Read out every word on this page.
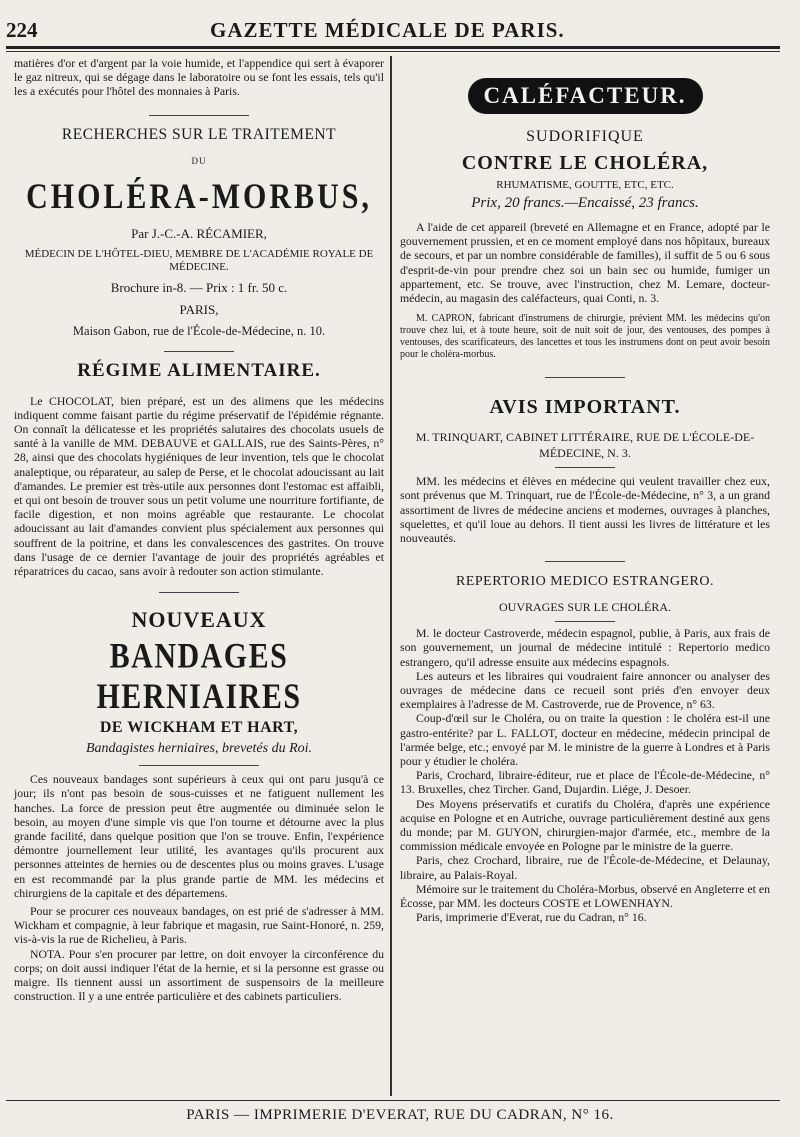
224	GAZETTE MÉDICALE DE PARIS.

matières d'or et d'argent par la voie humide, et l'appendice qui sert à évaporer le gaz nitreux, qui se dégage dans le laboratoire ou se font les essais, tels qu'il les a exécutés pour l'hôtel des monnaies à Paris.

RECHERCHES SUR LE TRAITEMENT

DU

CHOLÉRA-MORBUS,

Par J.-C.-A. RÉCAMIER,

MÉDECIN DE L'HÔTEL-DIEU, MEMBRE DE L'ACADÉMIE ROYALE DE MÉDECINE.

Brochure in-8. — Prix : 1 fr. 50 c.

PARIS,

Maison Gabon, rue de l'École-de-Médecine, n. 10.

RÉGIME ALIMENTAIRE.

Le CHOCOLAT, bien préparé, est un des alimens que les médecins indiquent comme faisant partie du régime préservatif de l'épidémie régnante. On connaît la délicatesse et les propriétés salutaires des chocolats usuels de santé à la vanille de MM. DEBAUVE et GALLAIS, rue des Saints-Pères, n° 28, ainsi que des chocolats hygiéniques de leur invention, tels que le chocolat analeptique, ou réparateur, au salep de Perse, et le chocolat adoucissant au lait d'amandes. Le premier est très-utile aux personnes dont l'estomac est affaibli, et qui ont besoin de trouver sous un petit volume une nourriture fortifiante, de facile digestion, et non moins agréable que restaurante. Le chocolat adoucissant au lait d'amandes convient plus spécialement aux personnes qui souffrent de la poitrine, et dans les convalescences des gastrites. On trouve dans l'usage de ce dernier l'avantage de jouir des propriétés agréables et réparatrices du cacao, sans avoir à redouter son action stimulante.

NOUVEAUX

BANDAGES HERNIAIRES

DE WICKHAM ET HART,

Bandagistes herniaires, brevetés du Roi.

Ces nouveaux bandages sont supérieurs à ceux qui ont paru jusqu'à ce jour; ils n'ont pas besoin de sous-cuisses et ne fatiguent nullement les hanches. La force de pression peut être augmentée ou diminuée selon le besoin, au moyen d'une simple vis que l'on tourne et détourne avec la plus grande facilité, dans quelque position que l'on se trouve. Enfin, l'expérience démontre journellement leur utilité, les avantages qu'ils procurent aux personnes atteintes de hernies ou de descentes plus ou moins graves. L'usage en est recommandé par la plus grande partie de MM. les médecins et chirurgiens de la capitale et des départemens.

Pour se procurer ces nouveaux bandages, on est prié de s'adresser à MM. Wickham et compagnie, à leur fabrique et magasin, rue Saint-Honoré, n. 259, vis-à-vis la rue de Richelieu, à Paris.

NOTA. Pour s'en procurer par lettre, on doit envoyer la circonférence du corps; on doit aussi indiquer l'état de la hernie, et si la personne est grasse ou maigre. Ils tiennent aussi un assortiment de suspensoirs de la meilleure construction. Il y a une entrée particulière et des cabinets particuliers.

CALÉFACTEUR.

SUDORIFIQUE

CONTRE LE CHOLÉRA,

RHUMATISME, GOUTTE, ETC, ETC.

Prix, 20 francs.—Encaissé, 23 francs.

A l'aide de cet appareil (breveté en Allemagne et en France, adopté par le gouvernement prussien, et en ce moment employé dans nos hôpitaux, bureaux de secours, et par un nombre considérable de familles), il suffit de 5 ou 6 sous d'esprit-de-vin pour prendre chez soi un bain sec ou humide, fumiger un appartement, etc. Se trouve, avec l'instruction, chez M. Lemare, docteur-médecin, au magasin des caléfacteurs, quai Conti, n. 3.

M. CAPRON, fabricant d'instrumens de chirurgie, prévient MM. les médecins qu'on trouve chez lui, et à toute heure, soit de nuit soit de jour, des ventouses, des pompes à ventouses, des scarificateurs, des lancettes et tous les instrumens dont on peut avoir besoin pour le choléra-morbus.

AVIS IMPORTANT.

M. TRINQUART, CABINET LITTÉRAIRE, RUE DE L'ÉCOLE-DE-MÉDECINE, N. 3.

MM. les médecins et élèves en médecine qui veulent travailler chez eux, sont prévenus que M. Trinquart, rue de l'École-de-Médecine, n° 3, a un grand assortiment de livres de médecine anciens et modernes, ouvrages à planches, squelettes, et qu'il loue au dehors. Il tient aussi les livres de littérature et les nouveautés.

REPERTORIO MEDICO ESTRANGERO.

OUVRAGES SUR LE CHOLÉRA.

M. le docteur Castroverde, médecin espagnol, publie, à Paris, aux frais de son gouvernement, un journal de médecine intitulé : Repertorio medico estrangero, qu'il adresse ensuite aux médecins espagnols.

Les auteurs et les libraires qui voudraient faire annoncer ou analyser des ouvrages de médecine dans ce recueil sont priés d'en envoyer deux exemplaires à l'adresse de M. Castroverde, rue de Provence, n° 63.

Coup-d'œil sur le Choléra, ou on traite la question : le choléra est-il une gastro-entérite? par L. FALLOT, docteur en médecine, médecin principal de l'armée belge, etc.; envoyé par M. le ministre de la guerre à Londres et à Paris pour y étudier le choléra.

Paris, Crochard, libraire-éditeur, rue et place de l'École-de-Médecine, n° 13. Bruxelles, chez Tircher. Gand, Dujardin. Liége, J. Desoer.

Des Moyens préservatifs et curatifs du Choléra, d'après une expérience acquise en Pologne et en Autriche, ouvrage particulièrement destiné aux gens du monde; par M. GUYON, chirurgien-major d'armée, etc., membre de la commission médicale envoyée en Pologne par le ministre de la guerre.

Paris, chez Crochard, libraire, rue de l'École-de-Médecine, et Delaunay, libraire, au Palais-Royal.

Mémoire sur le traitement du Choléra-Morbus, observé en Angleterre et en Écosse, par MM. les docteurs COSTE et LOWENHAYN.

Paris, imprimerie d'Everat, rue du Cadran, n° 16.

PARIS — IMPRIMERIE D'EVERAT, RUE DU CADRAN, N° 16.
